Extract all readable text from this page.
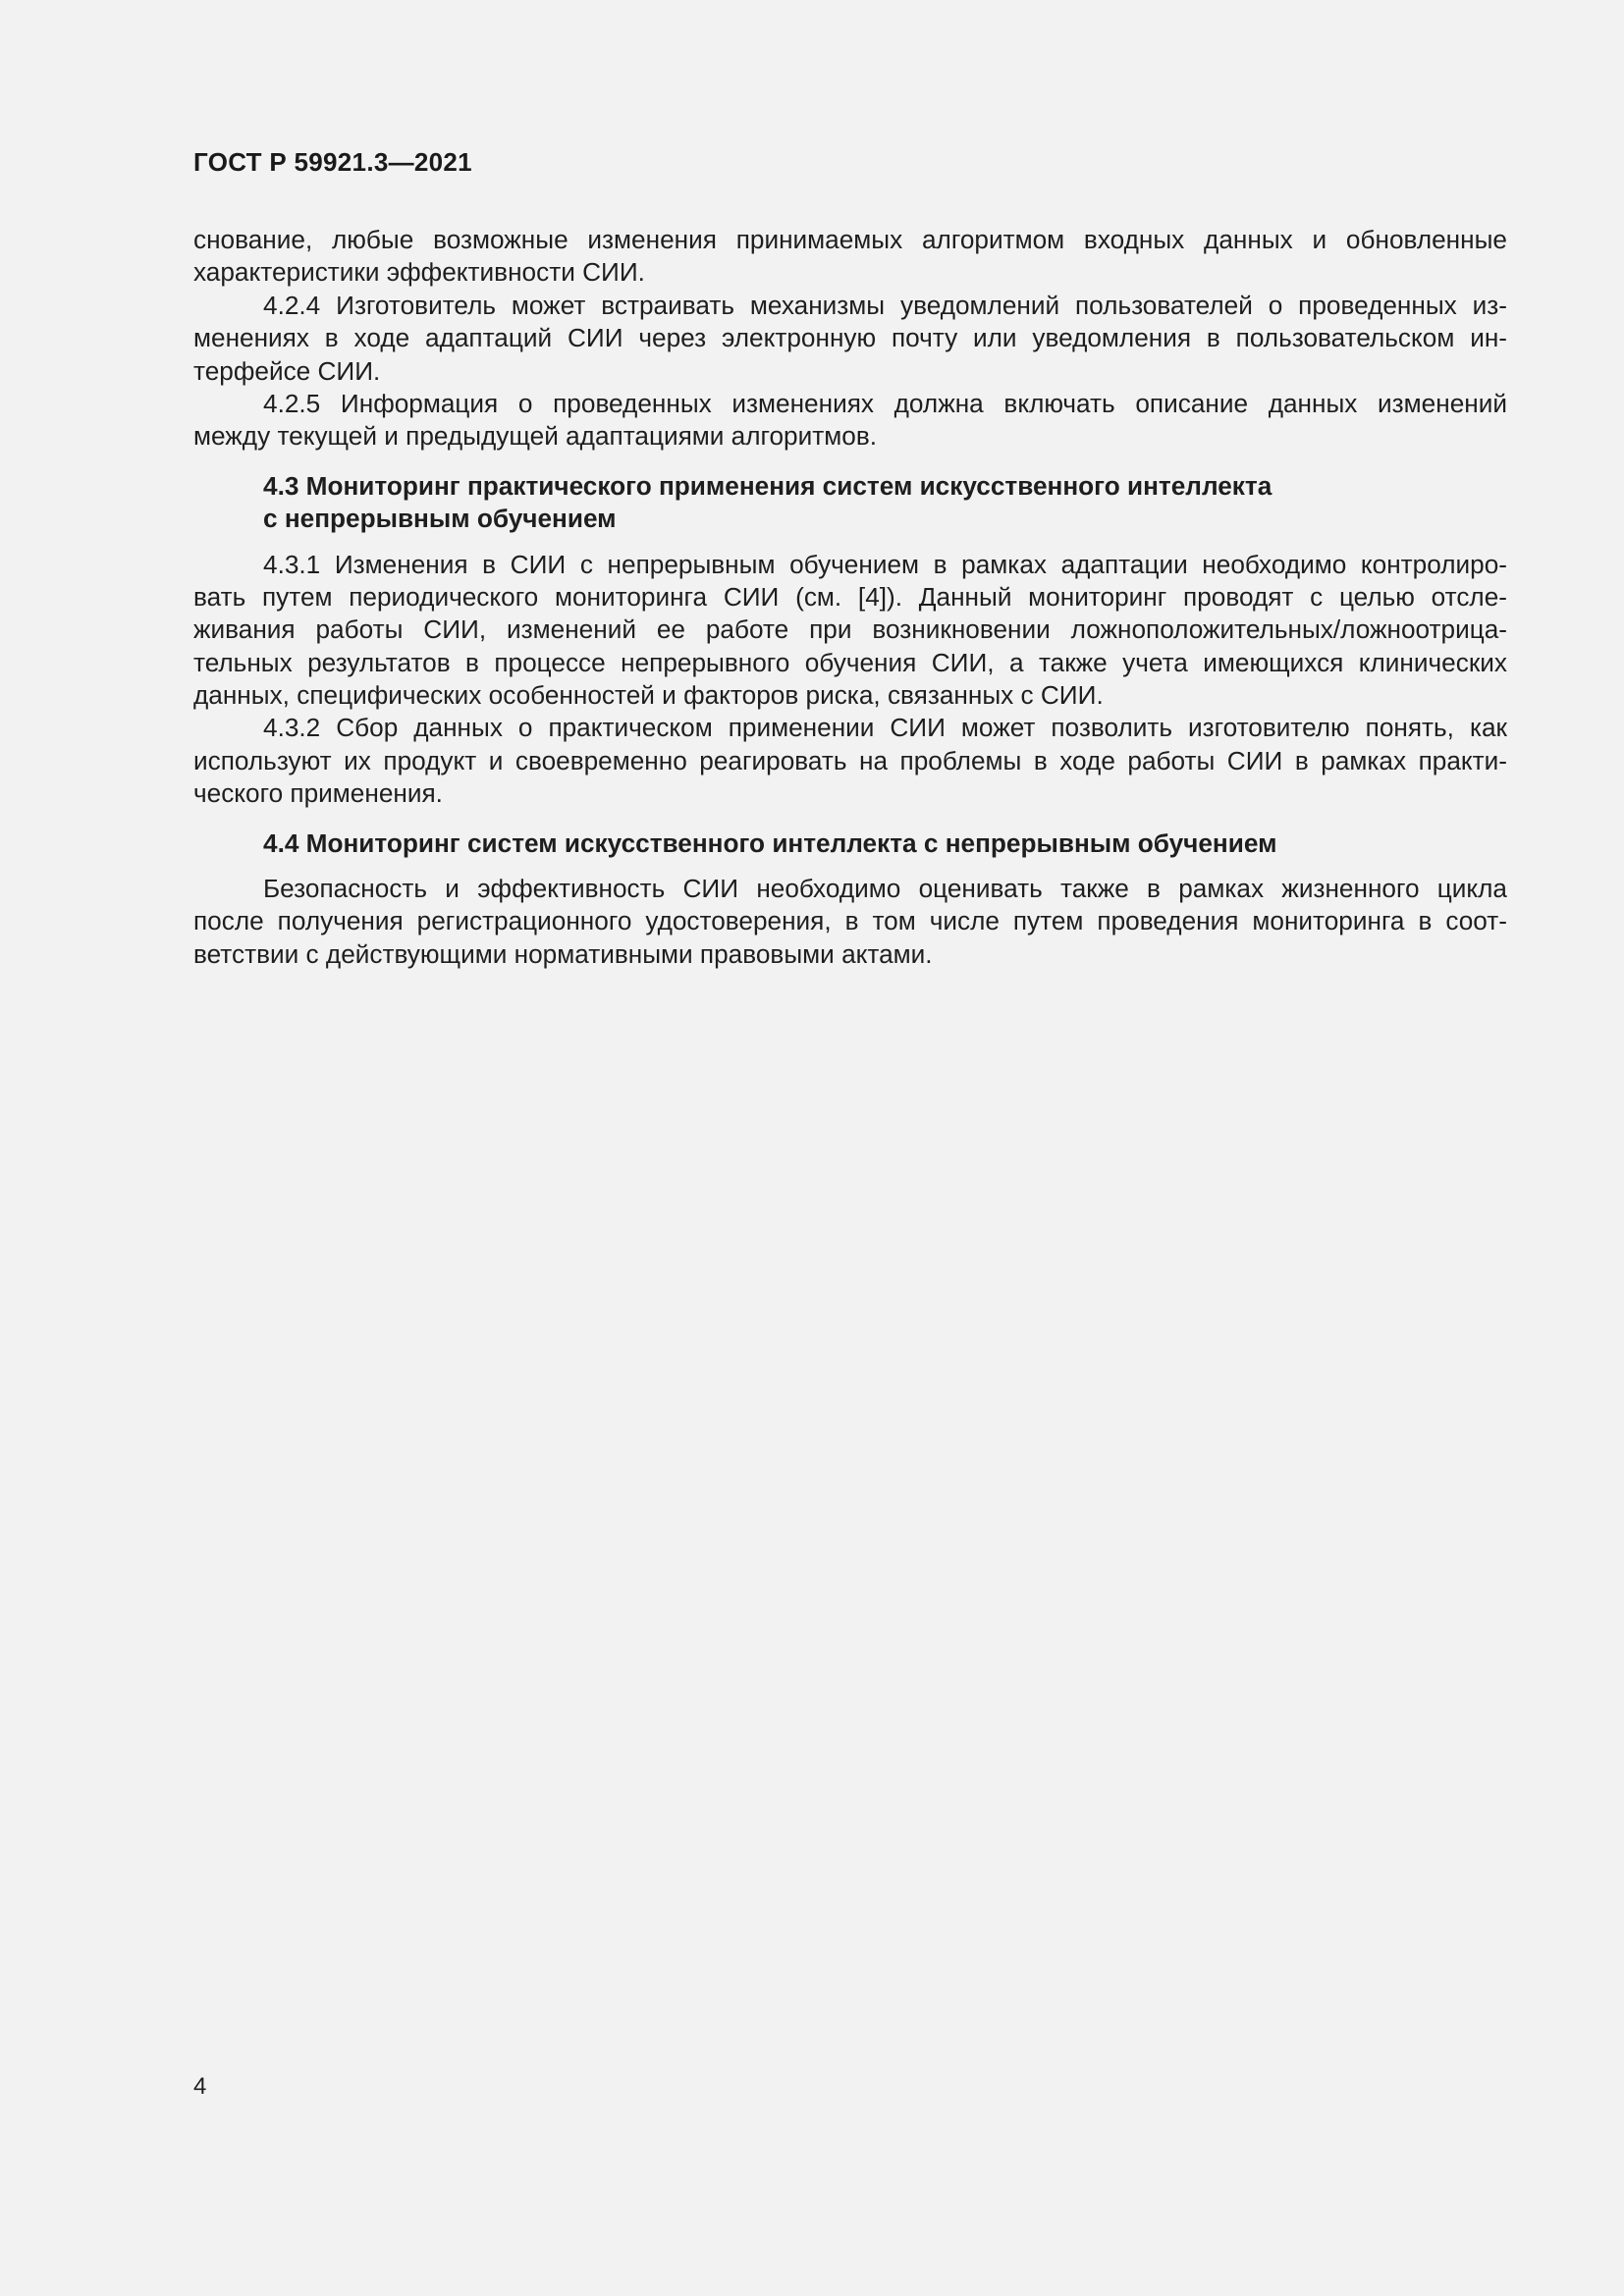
ГОСТ Р 59921.3—2021
снование, любые возможные изменения принимаемых алгоритмом входных данных и обновленные
характеристики эффективности СИИ.
4.2.4 Изготовитель может встраивать механизмы уведомлений пользователей о проведенных из-
менениях в ходе адаптаций СИИ через электронную почту или уведомления в пользовательском ин-
терфейсе СИИ.
4.2.5 Информация о проведенных изменениях должна включать описание данных изменений
между текущей и предыдущей адаптациями алгоритмов.
4.3 Мониторинг практического применения систем искусственного интеллекта
с непрерывным обучением
4.3.1 Изменения в СИИ с непрерывным обучением в рамках адаптации необходимо контролиро-
вать путем периодического мониторинга СИИ (см. [4]). Данный мониторинг проводят с целью отсле-
живания работы СИИ, изменений ее работе при возникновении ложноположительных/ложноотрица-
тельных результатов в процессе непрерывного обучения СИИ, а также учета имеющихся клинических
данных, специфических особенностей и факторов риска, связанных с СИИ.
4.3.2 Сбор данных о практическом применении СИИ может позволить изготовителю понять, как
используют их продукт и своевременно реагировать на проблемы в ходе работы СИИ в рамках практи-
ческого применения.
4.4 Мониторинг систем искусственного интеллекта с непрерывным обучением
Безопасность и эффективность СИИ необходимо оценивать также в рамках жизненного цикла
после получения регистрационного удостоверения, в том числе путем проведения мониторинга в соот-
ветствии с действующими нормативными правовыми актами.
4
